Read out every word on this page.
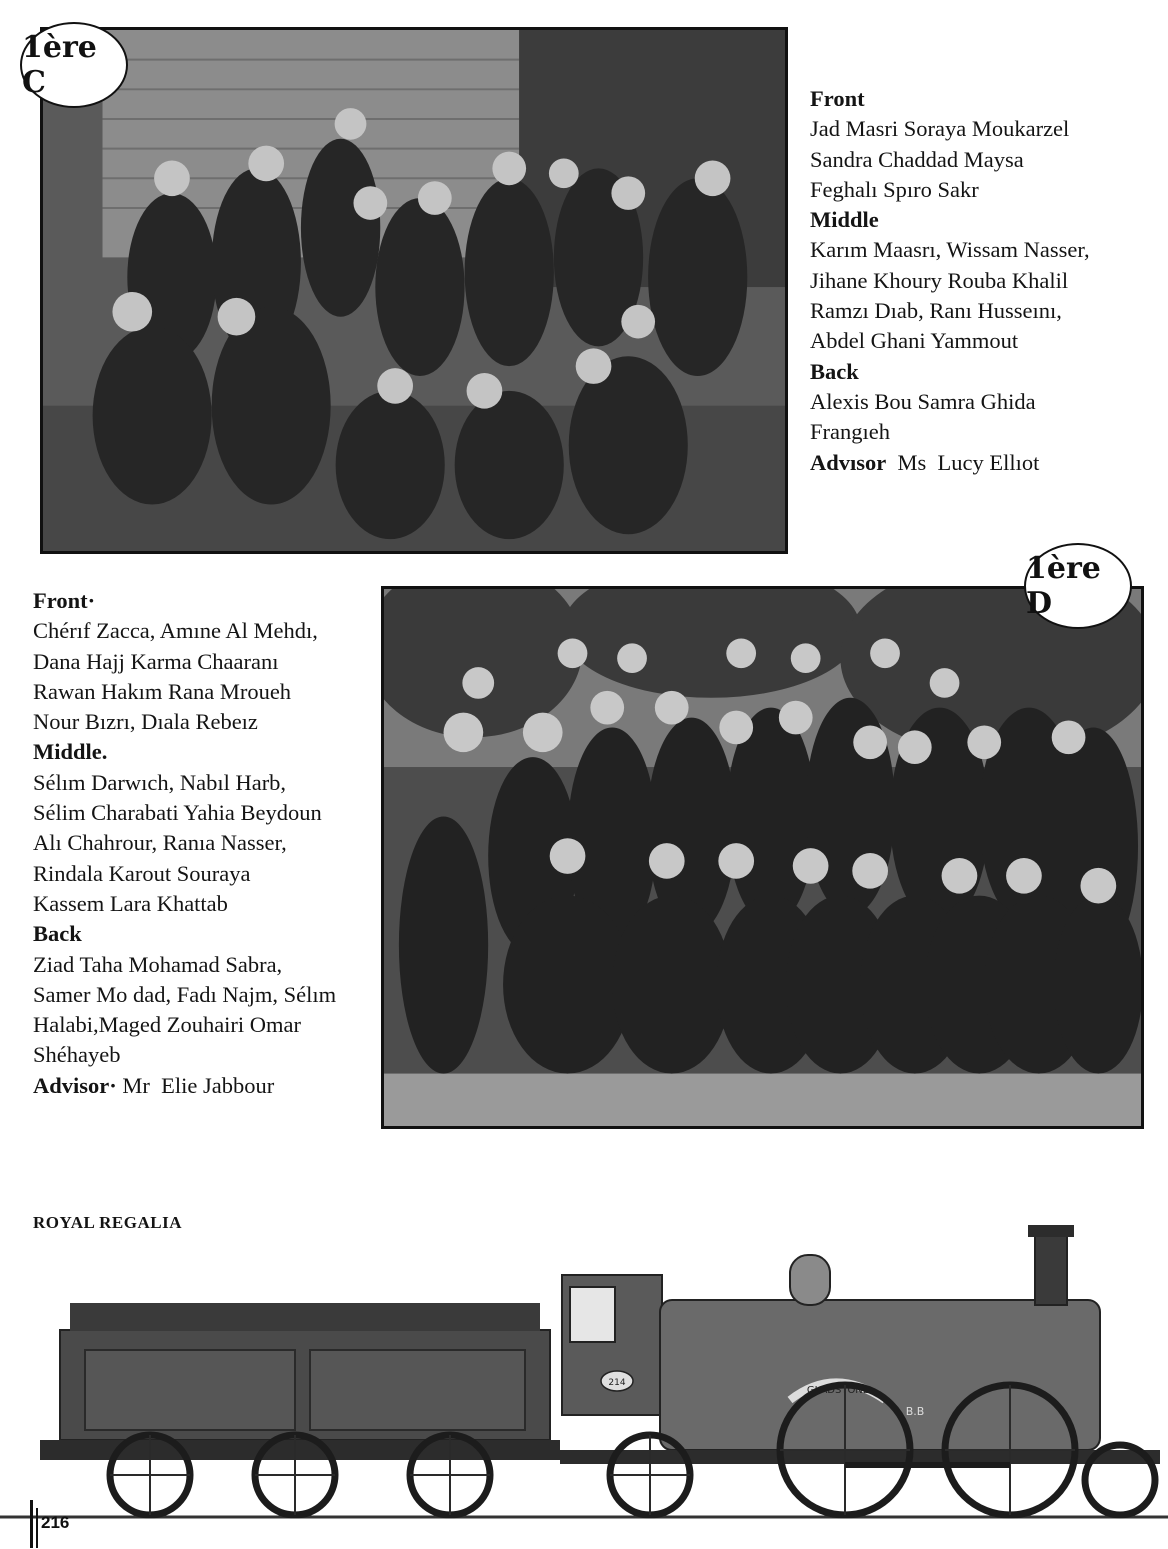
1ère C	Front
Jad Masri Soraya Moukarzel
Sandra Chaddad Maysa
Feghalı Spıro Sakr
Middle
Karım Maasrı, Wissam Nasser,
Jihane Khoury Rouba Khalil
Ramzı Dıab, Ranı Husseını,
Abdel Ghani Yammout
Back
Alexis Bou Samra Ghida
Frangıeh
Advısor  Ms  Lucy Ellıot
1ère D
Front·
Chérıf Zacca, Amıne Al Mehdı,
Dana Hajj Karma Chaaranı
Rawan Hakım Rana Mroueh
Nour Bızrı, Dıala Rebeız
Middle.
Sélım Darwıch, Nabıl Harb,
Sélim Charabati Yahia Beydoun
Alı Chahrour, Ranıa Nasser,
Rindala Karout Souraya
Kassem Lara Khattab
Back
Ziad Taha Mohamad Sabra,
Samer Mo dad, Fadı Najm, Sélım
Halabi,Maged Zouhairi Omar
Shéhayeb
Advisor· Mr  Elie Jabbour
ROYAL REGALIA
214
GLADSTONE
B.B
216
